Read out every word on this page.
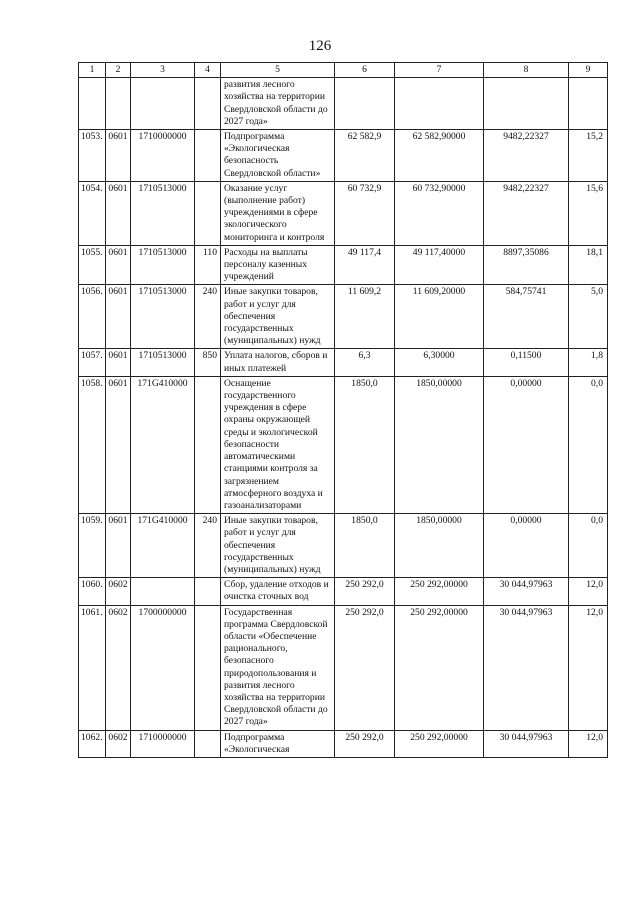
126
1	2	3	4	5	6	7	8	9
				развития лесного хозяйства на территории Свердловской области до 2027 года»				
1053.	0601	1710000000		Подпрограмма «Экологическая безопасность Свердловской области»	62 582,9	62 582,90000	9482,22327	15,2
1054.	0601	1710513000		Оказание услуг (выполнение работ) учреждениями в сфере экологического мониторинга и контроля	60 732,9	60 732,90000	9482,22327	15,6
1055.	0601	1710513000	110	Расходы на выплаты персоналу казенных учреждений	49 117,4	49 117,40000	8897,35086	18,1
1056.	0601	1710513000	240	Иные закупки товаров, работ и услуг для обеспечения государственных (муниципальных) нужд	11 609,2	11 609,20000	584,75741	5,0
1057.	0601	1710513000	850	Уплата налогов, сборов и иных платежей	6,3	6,30000	0,11500	1,8
1058.	0601	171G410000		Оснащение государственного учреждения в сфере охраны окружающей среды и экологической безопасности автоматическими станциями контроля за загрязнением атмосферного воздуха и газоанализаторами	1850,0	1850,00000	0,00000	0,0
1059.	0601	171G410000	240	Иные закупки товаров, работ и услуг для обеспечения государственных (муниципальных) нужд	1850,0	1850,00000	0,00000	0,0
1060.	0602			Сбор, удаление отходов и очистка сточных вод	250 292,0	250 292,00000	30 044,97963	12,0
1061.	0602	1700000000		Государственная программа Свердловской области «Обеспечение рационального, безопасного природопользования и развития лесного хозяйства на территории Свердловской области до 2027 года»	250 292,0	250 292,00000	30 044,97963	12,0
1062.	0602	1710000000		Подпрограмма «Экологическая	250 292,0	250 292,00000	30 044,97963	12,0
